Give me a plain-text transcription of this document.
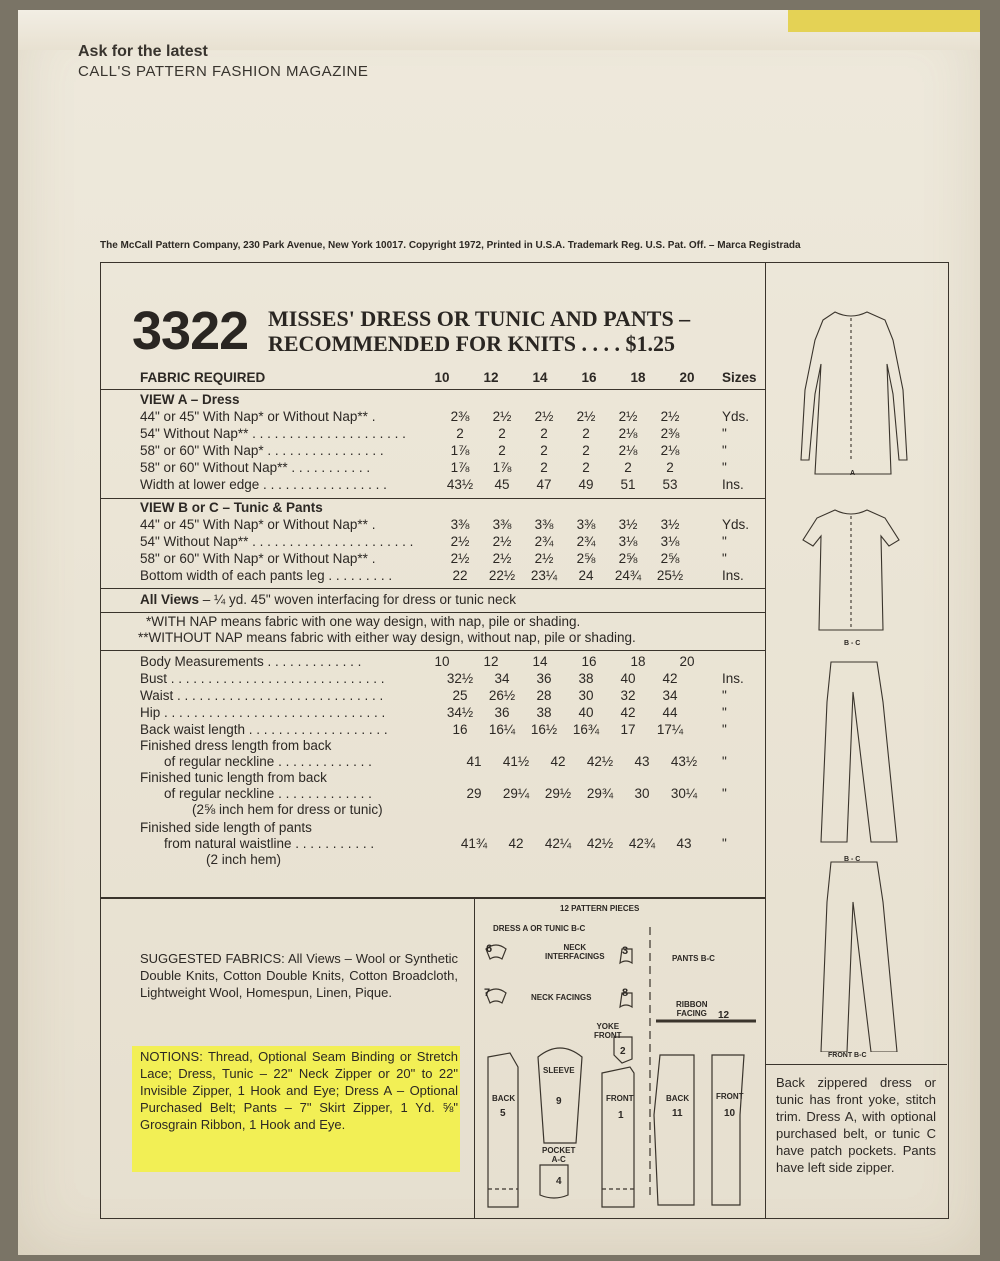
Ask for the latest
CALL'S PATTERN FASHION MAGAZINE
The McCall Pattern Company, 230 Park Avenue, New York 10017. Copyright 1972, Printed in U.S.A. Trademark Reg. U.S. Pat. Off. – Marca Registrada
3322 MISSES' DRESS OR TUNIC AND PANTS –
RECOMMENDED FOR KNITS . . . . $1.25
FABRIC REQUIRED	10	12	14	16	18	20	Sizes
VIEW A – Dress
44" or 45" With Nap* or Without Nap** .	2⅜	2½	2½	2½	2½	2½	Yds.
54" Without Nap** . . . . . . . . . . . . . . . . . . . . .	2	2	2	2	2⅛	2⅜	"
58" or 60" With Nap* . . . . . . . . . . . . . . . .	1⅞	2	2	2	2⅛	2⅛	"
58" or 60" Without Nap** . . . . . . . . . . .	1⅞	1⅞	2	2	2	2	"
Width at lower edge . . . . . . . . . . . . . . . . .	43½	45	47	49	51	53	Ins.
VIEW B or C – Tunic & Pants
44" or 45" With Nap* or Without Nap** .	3⅜	3⅜	3⅜	3⅜	3½	3½	Yds.
54" Without Nap** . . . . . . . . . . . . . . . . . . . . . .	2½	2½	2¾	2¾	3⅛	3⅛	"
58" or 60" With Nap* or Without Nap** .	2½	2½	2½	2⅝	2⅝	2⅝	"
Bottom width of each pants leg . . . . . . . . .	22	22½	23¼	24	24¾	25½	Ins.
All Views – ¼ yd. 45" woven interfacing for dress or tunic neck
*WITH NAP means fabric with one way design, with nap, pile or shading.
**WITHOUT NAP means fabric with either way design, without nap, pile or shading.
Body Measurements . . . . . . . . . . . . .	10	12	14	16	18	20
Bust . . . . . . . . . . . . . . . . . . . . . . . . . . . . .	32½	34	36	38	40	42	Ins.
Waist . . . . . . . . . . . . . . . . . . . . . . . . . . . .	25	26½	28	30	32	34	"
Hip . . . . . . . . . . . . . . . . . . . . . . . . . . . . . .	34½	36	38	40	42	44	"
Back waist length . . . . . . . . . . . . . . . . . . .	16	16¼	16½	16¾	17	17¼	"
Finished dress length from back
of regular neckline . . . . . . . . . . . . .	41	41½	42	42½	43	43½	"
Finished tunic length from back
of regular neckline . . . . . . . . . . . . .	29	29¼	29½	29¾	30	30¼	"
(2⅝ inch hem for dress or tunic)
Finished side length of pants
from natural waistline . . . . . . . . . . .	41¾	42	42¼	42½	42¾	43	"
(2 inch hem)
SUGGESTED FABRICS: All Views – Wool or Synthetic Double Knits, Cotton Double Knits, Cotton Broadcloth, Lightweight Wool, Homespun, Linen, Pique.
NOTIONS: Thread, Optional Seam Binding or Stretch Lace; Dress, Tunic – 22" Neck Zipper or 20" to 22" Invisible Zipper, 1 Hook and Eye; Dress A – Optional Purchased Belt; Pants – 7" Skirt Zipper, 1 Yd. ⅝" Grosgrain Ribbon, 1 Hook and Eye.
12 PATTERN PIECES
DRESS A OR TUNIC B-C
PANTS B-C
6	NECK
INTERFACINGS 3
7	NECK FACINGS	8
RIBBON
FACING 12
YOKE
FRONT
2
BACK
5
SLEEVE
9	FRONT
1
BACK
11
FRONT
10
POCKET
A-C
4
A
B - C
B - C
FRONT B-C
Back zippered dress or tunic has front yoke, stitch trim. Dress A, with optional purchased belt, or tunic C have patch pockets. Pants have left side zipper.
